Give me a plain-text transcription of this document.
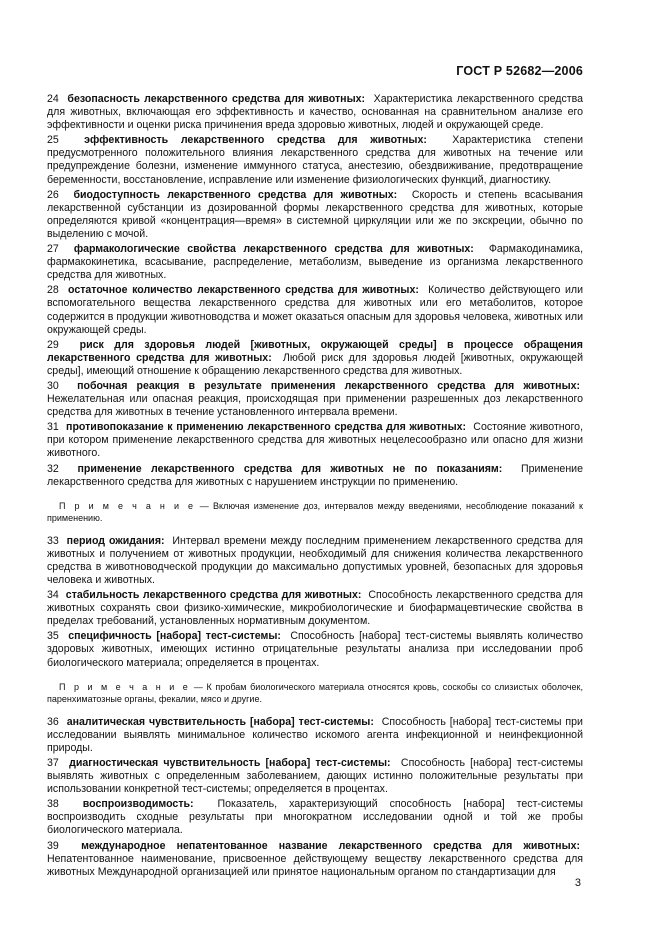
ГОСТ Р 52682—2006

24 безопасность лекарственного средства для животных: Характеристика лекарственного средства для животных, включающая его эффективность и качество, основанная на сравнительном анализе его эффективности и оценки риска причинения вреда здоровью животных, людей и окружающей среде.

25 эффективность лекарственного средства для животных: Характеристика степени предусмотренного положительного влияния лекарственного средства для животных на течение или предупреждение болезни, изменение иммунного статуса, анестезию, обездвиживание, предотвращение беременности, восстановление, исправление или изменение физиологических функций, диагностику.

26 биодоступность лекарственного средства для животных: Скорость и степень всасывания лекарственной субстанции из дозированной формы лекарственного средства для животных, которые определяются кривой «концентрация—время» в системной циркуляции или же по экскреции, обычно по выделению с мочой.

27 фармакологические свойства лекарственного средства для животных: Фармакодинамика, фармакокинетика, всасывание, распределение, метаболизм, выведение из организма лекарственного средства для животных.

28 остаточное количество лекарственного средства для животных: Количество действующего или вспомогательного вещества лекарственного средства для животных или его метаболитов, которое содержится в продукции животноводства и может оказаться опасным для здоровья человека, животных или окружающей среды.

29 риск для здоровья людей [животных, окружающей среды] в процессе обращения лекарственного средства для животных: Любой риск для здоровья людей [животных, окружающей среды], имеющий отношение к обращению лекарственного средства для животных.

30 побочная реакция в результате применения лекарственного средства для животных:  Нежелательная или опасная реакция, происходящая при применении разрешенных доз лекарственного средства для животных в течение установленного интервала времени.

31 противопоказание к применению лекарственного средства для животных: Состояние животного, при котором применение лекарственного средства для животных нецелесообразно или опасно для жизни животного.

32 применение лекарственного средства для животных не по показаниям: Применение лекарственного средства для животных с нарушением инструкции по применению.

П р и м е ч а н и е — Включая изменение доз, интервалов между введениями, несоблюдение показаний к применению.

33 период ожидания: Интервал времени между последним применением лекарственного средства для животных и получением от животных продукции, необходимый для снижения количества лекарственного средства в животноводческой продукции до максимально допустимых уровней, безопасных для здоровья человека и животных.

34 стабильность лекарственного средства для животных: Способность лекарственного средства для животных сохранять свои физико-химические, микробиологические и биофармацевтические свойства в пределах требований, установленных нормативным документом.

35 специфичность [набора] тест-системы: Способность [набора] тест-системы выявлять количество здоровых животных, имеющих истинно отрицательные результаты анализа при исследовании проб биологического материала; определяется в процентах.

П р и м е ч а н и е — К пробам биологического материала относятся кровь, соскобы со слизистых оболочек, паренхиматозные органы, фекалии, мясо и другие.

36 аналитическая чувствительность [набора] тест-системы: Способность [набора] тест-системы при исследовании выявлять минимальное количество искомого агента инфекционной и неинфекционной природы.

37 диагностическая чувствительность [набора] тест-системы: Способность [набора] тест-системы выявлять животных с определенным заболеванием, дающих истинно положительные результаты при использовании конкретной тест-системы; определяется в процентах.

38 воспроизводимость: Показатель, характеризующий способность [набора] тест-системы воспроизводить сходные результаты при многократном исследовании одной и той же пробы биологического материала.

39 международное непатентованное название лекарственного средства для животных:  Непатентованное наименование, присвоенное действующему веществу лекарственного средства для животных Международной организацией или принятое национальным органом по стандартизации для

3
